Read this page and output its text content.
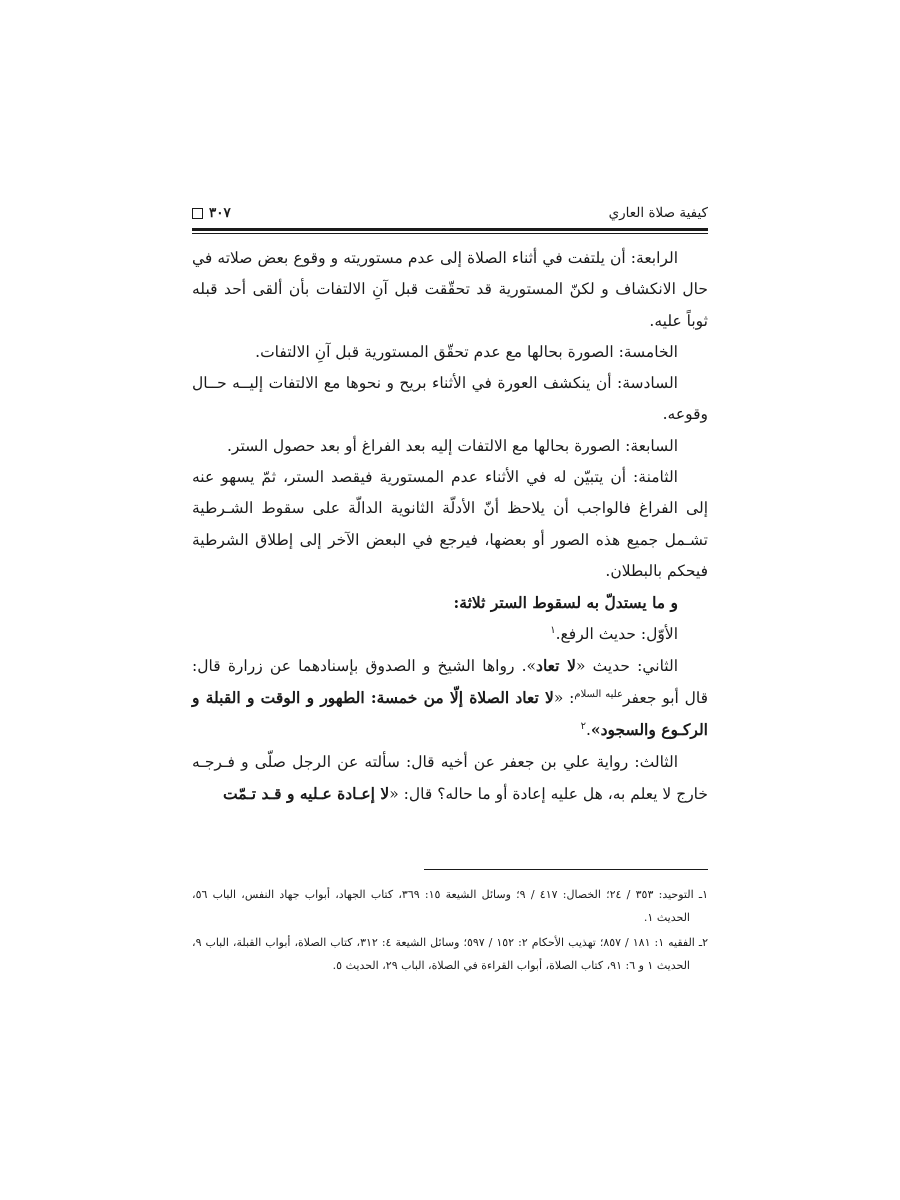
كيفية صلاة العاري
٣٠٧

الرابعة: أن يلتفت في أثناء الصلاة إلى عدم مستوريته و وقوع بعض صلاته في حال الانكشاف و لكنّ المستورية قد تحقّقت قبل آنِ الالتفات بأن ألقى أحد قبله ثوباً عليه.

الخامسة: الصورة بحالها مع عدم تحقّق المستورية قبل آنِ الالتفات.

السادسة: أن ينكشف العورة في الأثناء بريح و نحوها مع الالتفات إليــه حــال وقوعه.

السابعة: الصورة بحالها مع الالتفات إليه بعد الفراغ أو بعد حصول الستر.

الثامنة: أن يتبيّن له في الأثناء عدم المستورية فيقصد الستر، ثمّ يسهو عنه إلى الفراغ فالواجب أن يلاحظ أنّ الأدلّة الثانوية الدالّة على سقوط الشـرطية تشـمل جميع هذه الصور أو بعضها، فيرجع في البعض الآخر إلى إطلاق الشرطية فيحكم بالبطلان.

و ما يستدلّ به لسقوط الستر ثلاثة:

الأوّل: حديث الرفع.$^١$

الثاني: حديث «لا تعاد». رواها الشيخ و الصدوق بإسنادهما عن زرارة قال: قال أبو جعفر$^{عليه السلام}$: «لا تعاد الصلاة إلّا من خمسة: الطهور و الوقت و القبلة و الركـوع والسجود».$^٢$

الثالث: رواية علي بن جعفر عن أخيه قال: سألته عن الرجل صلّى و فـرجـه خارج لا يعلم به، هل عليه إعادة أو ما حاله؟ قال: «لا إعـادة عـليه و قـد تـمّت

١ـ التوحيد: ٣٥٣ / ٢٤؛ الخصال: ٤١٧ / ٩؛ وسائل الشيعة ١٥: ٣٦٩، كتاب الجهاد، أبواب جهاد النفس، الباب ٥٦، الحديث ١.

٢ـ الفقيه ١: ١٨١ / ٨٥٧؛ تهذيب الأحكام ٢: ١٥٢ / ٥٩٧؛ وسائل الشيعة ٤: ٣١٢، كتاب الصلاة، أبواب القبلة، الباب ٩، الحديث ١ و ٦: ٩١، كتاب الصلاة، أبواب القراءة في الصلاة، الباب ٢٩، الحديث ٥.
